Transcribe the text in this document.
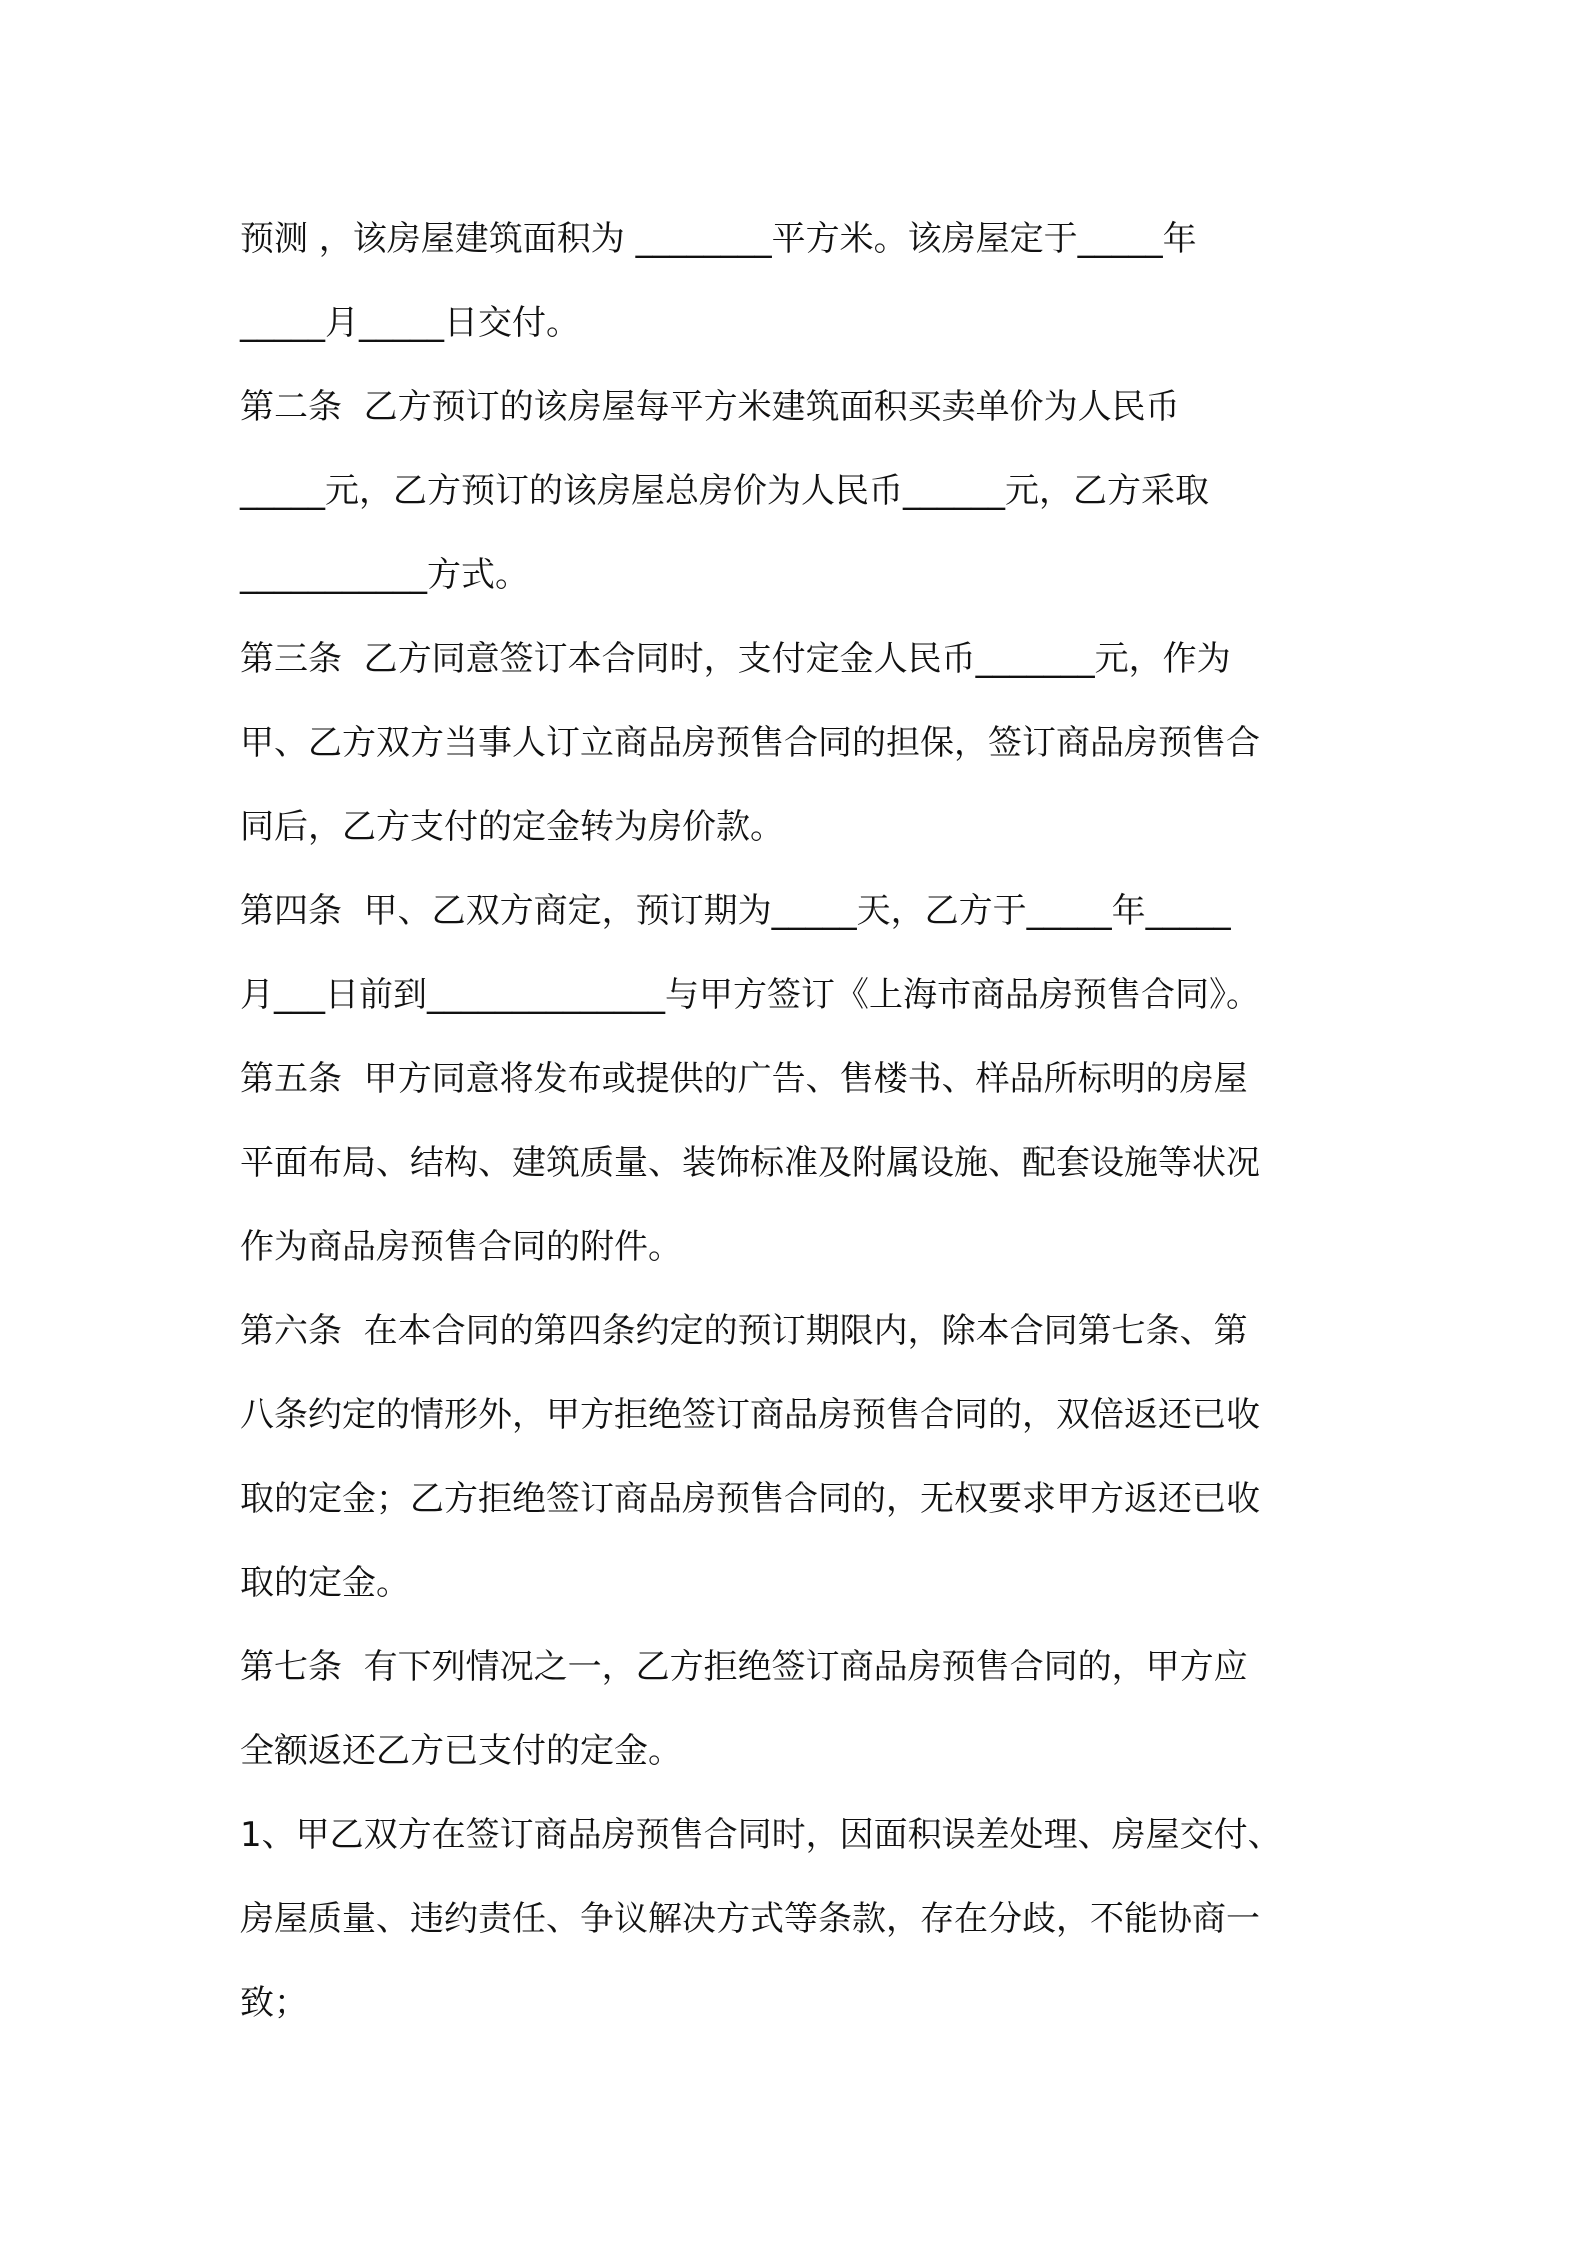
预测 ，该房屋建筑面积为 ________平方米。该房屋定于_____年
_____月_____日交付。

第二条  乙方预订的该房屋每平方米建筑面积买卖单价为人民币
_____元，乙方预订的该房屋总房价为人民币______元，乙方采取
___________方式。

第三条  乙方同意签订本合同时，支付定金人民币_______元，作为
甲、乙方双方当事人订立商品房预售合同的担保，签订商品房预售合
同后，乙方支付的定金转为房价款。

第四条  甲、乙双方商定，预订期为_____天，乙方于_____年_____
月___日前到______________与甲方签订《上海市商品房预售合同》。

第五条  甲方同意将发布或提供的广告、售楼书、样品所标明的房屋
平面布局、结构、建筑质量、装饰标准及附属设施、配套设施等状况
作为商品房预售合同的附件。

第六条  在本合同的第四条约定的预订期限内，除本合同第七条、第
八条约定的情形外，甲方拒绝签订商品房预售合同的，双倍返还已收
取的定金；乙方拒绝签订商品房预售合同的，无权要求甲方返还已收
取的定金。

第七条  有下列情况之一，乙方拒绝签订商品房预售合同的，甲方应
全额返还乙方已支付的定金。

1、甲乙双方在签订商品房预售合同时，因面积误差处理、房屋交付、
房屋质量、违约责任、争议解决方式等条款，存在分歧，不能协商一
致；
